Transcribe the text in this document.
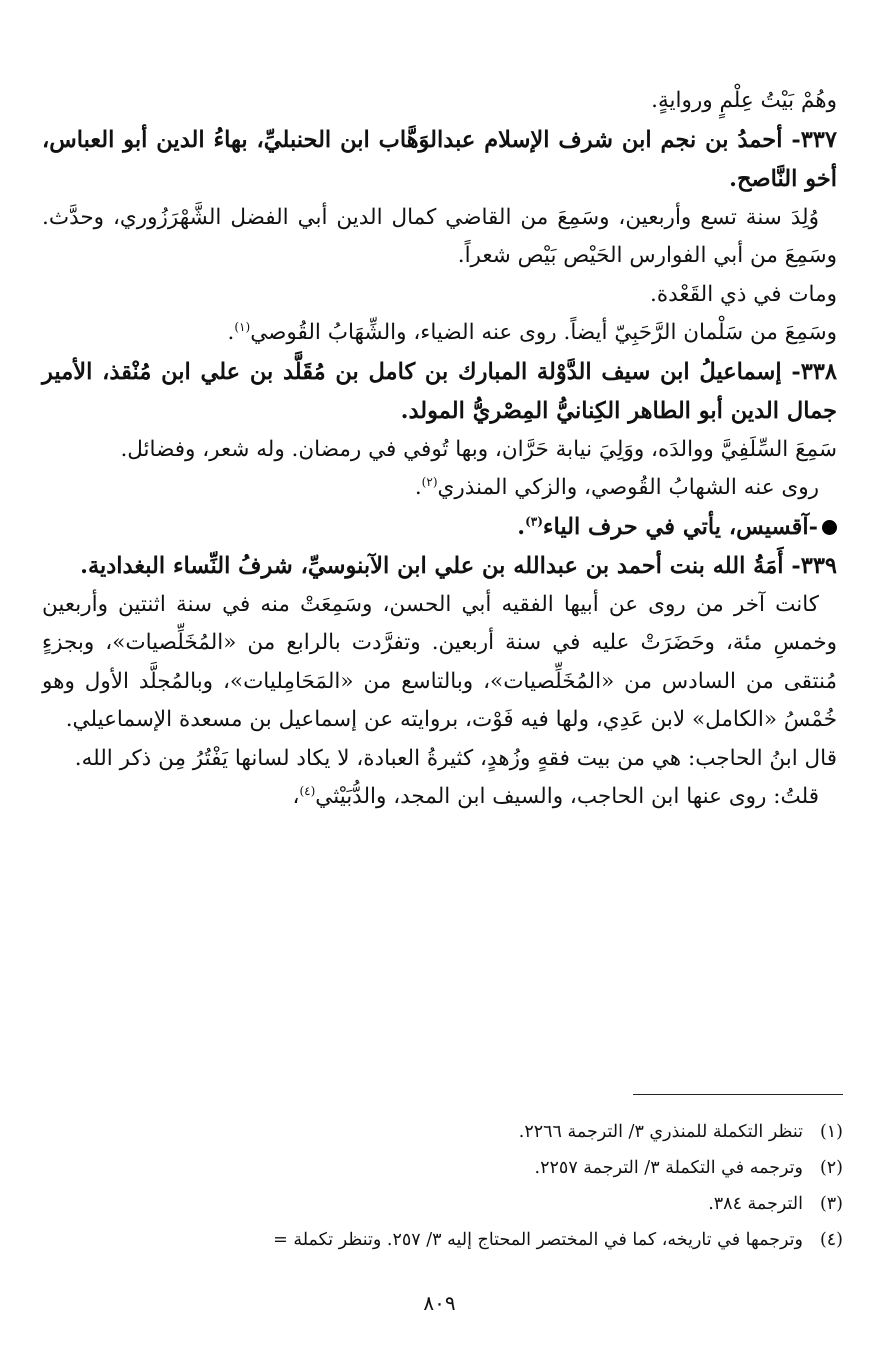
وهُمْ بَيْتُ عِلْمٍ وروايةٍ.

٣٣٧- أحمدُ بن نجم ابن شرف الإسلام عبدالوَهَّاب ابن الحنبليِّ، بهاءُ الدين أبو العباس، أخو النَّاصح.

وُلِدَ سنة تسع وأربعين، وسَمِعَ من القاضي كمال الدين أبي الفضل الشَّهْرَزُوري، وحدَّث. وسَمِعَ من أبي الفوارس الحَيْص بَيْص شعراً.

ومات في ذي القَعْدة.

وسَمِعَ من سَلْمان الرَّحَبِيّ أيضاً. روى عنه الضياء، والشِّهَابُ القُوصي$^{(١)}$.

٣٣٨- إسماعيلُ ابن سيف الدَّوْلة المبارك بن كامل بن مُقَلَّد بن علي ابن مُنْقذ، الأمير جمال الدين أبو الطاهر الكِنانيُّ المِصْريُّ المولد.

سَمِعَ السِّلَفِيَّ ووالدَه، ووَلِيَ نيابة حَرَّان، وبها تُوفي في رمضان. وله شعر، وفضائل.

روى عنه الشهابُ القُوصي، والزكي المنذري$^{(٢)}$.

-آقسيس، يأتي في حرف الياء$^{(٣)}$.

٣٣٩- أَمَةُ الله بنت أحمد بن عبدالله بن علي ابن الآبنوسيِّ، شرفُ النِّساء البغدادية.

كانت آخر من روى عن أبيها الفقيه أبي الحسن، وسَمِعَتْ منه في سنة اثنتين وأربعين وخمسِ مئة، وحَضَرَتْ عليه في سنة أربعين. وتفرَّدت بالرابع من «المُخَلِّصيات»، وبجزءٍ مُنتقى من السادس من «المُخَلِّصيات»، وبالتاسع من «المَحَامِليات»، وبالمُجلَّد الأول وهو خُمْسُ «الكامل» لابن عَدِي، ولها فيه فَوْت، بروايته عن إسماعيل بن مسعدة الإسماعيلي.

قال ابنُ الحاجب: هي من بيت فقهٍ وزُهدٍ، كثيرةُ العبادة، لا يكاد لسانها يَفْتُرُ مِن ذكر الله.

قلتُ: روى عنها ابن الحاجب، والسيف ابن المجد، والدُّبَيْثي$^{(٤)}$،

(١)
تنظر التكملة للمنذري ٣/ الترجمة ٢٢٦٦.
(٢)
وترجمه في التكملة ٣/ الترجمة ٢٢٥٧.
(٣)
الترجمة ٣٨٤.
(٤)
وترجمها في تاريخه، كما في المختصر المحتاج إليه ٣/ ٢٥٧. وتنظر تكملة =
٨٠٩
